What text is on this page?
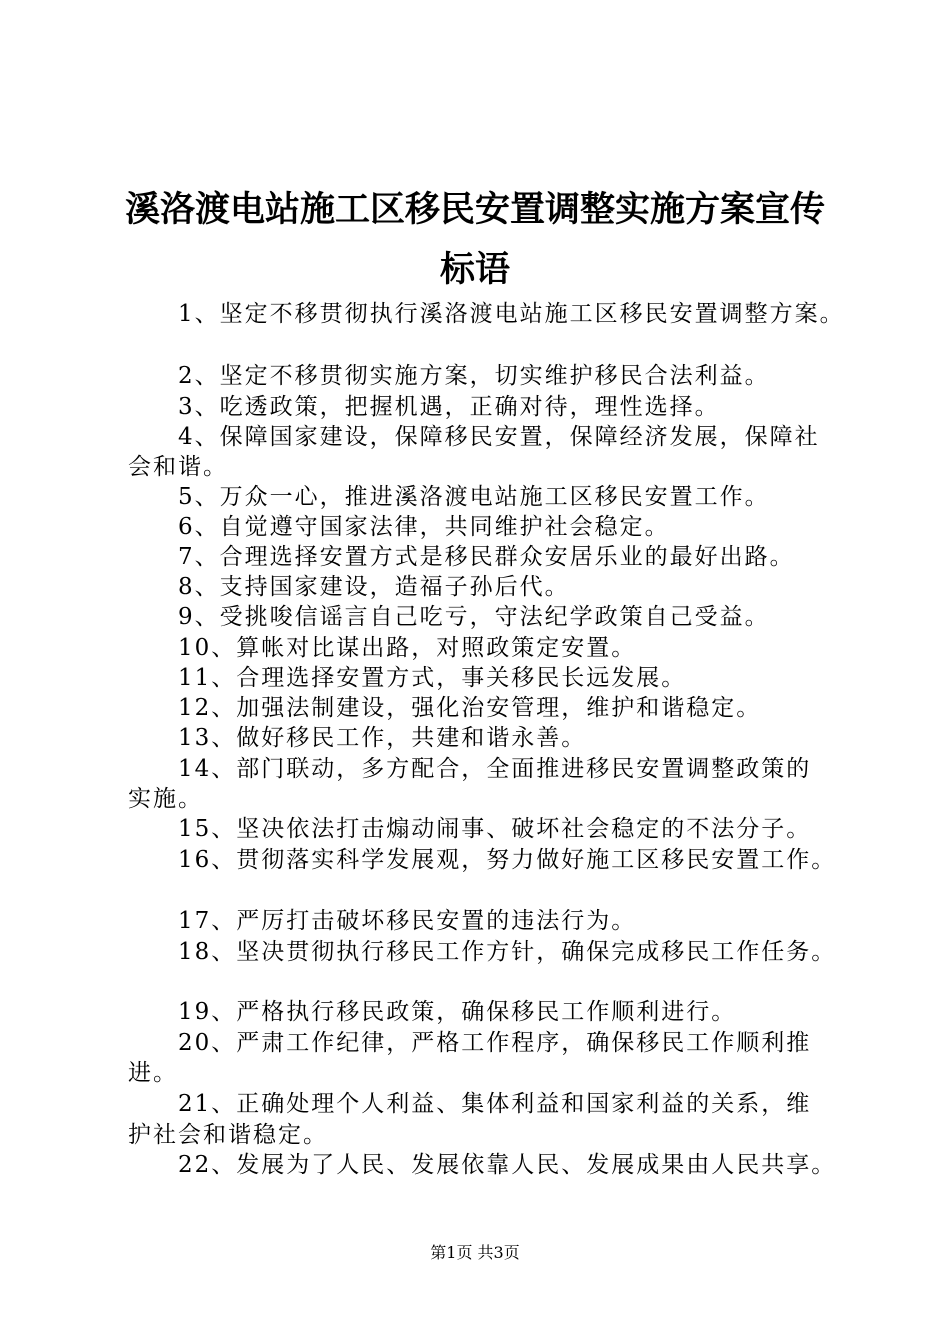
溪洛渡电站施工区移民安置调整实施方案宣传
标语
1、坚定不移贯彻执行溪洛渡电站施工区移民安置调整方案。
2、坚定不移贯彻实施方案，切实维护移民合法利益。
3、吃透政策，把握机遇，正确对待，理性选择。
4、保障国家建设，保障移民安置，保障经济发展，保障社
会和谐。
5、万众一心，推进溪洛渡电站施工区移民安置工作。
6、自觉遵守国家法律，共同维护社会稳定。
7、合理选择安置方式是移民群众安居乐业的最好出路。
8、支持国家建设，造福子孙后代。
9、受挑唆信谣言自己吃亏，守法纪学政策自己受益。
10、算帐对比谋出路，对照政策定安置。
11、合理选择安置方式，事关移民长远发展。
12、加强法制建设，强化治安管理，维护和谐稳定。
13、做好移民工作，共建和谐永善。
14、部门联动，多方配合，全面推进移民安置调整政策的
实施。
15、坚决依法打击煽动闹事、破坏社会稳定的不法分子。
16、贯彻落实科学发展观，努力做好施工区移民安置工作。
17、严厉打击破坏移民安置的违法行为。
18、坚决贯彻执行移民工作方针，确保完成移民工作任务。
19、严格执行移民政策，确保移民工作顺利进行。
20、严肃工作纪律，严格工作程序，确保移民工作顺利推
进。
21、正确处理个人利益、集体利益和国家利益的关系，维
护社会和谐稳定。
22、发展为了人民、发展依靠人民、发展成果由人民共享。
第1页 共3页
